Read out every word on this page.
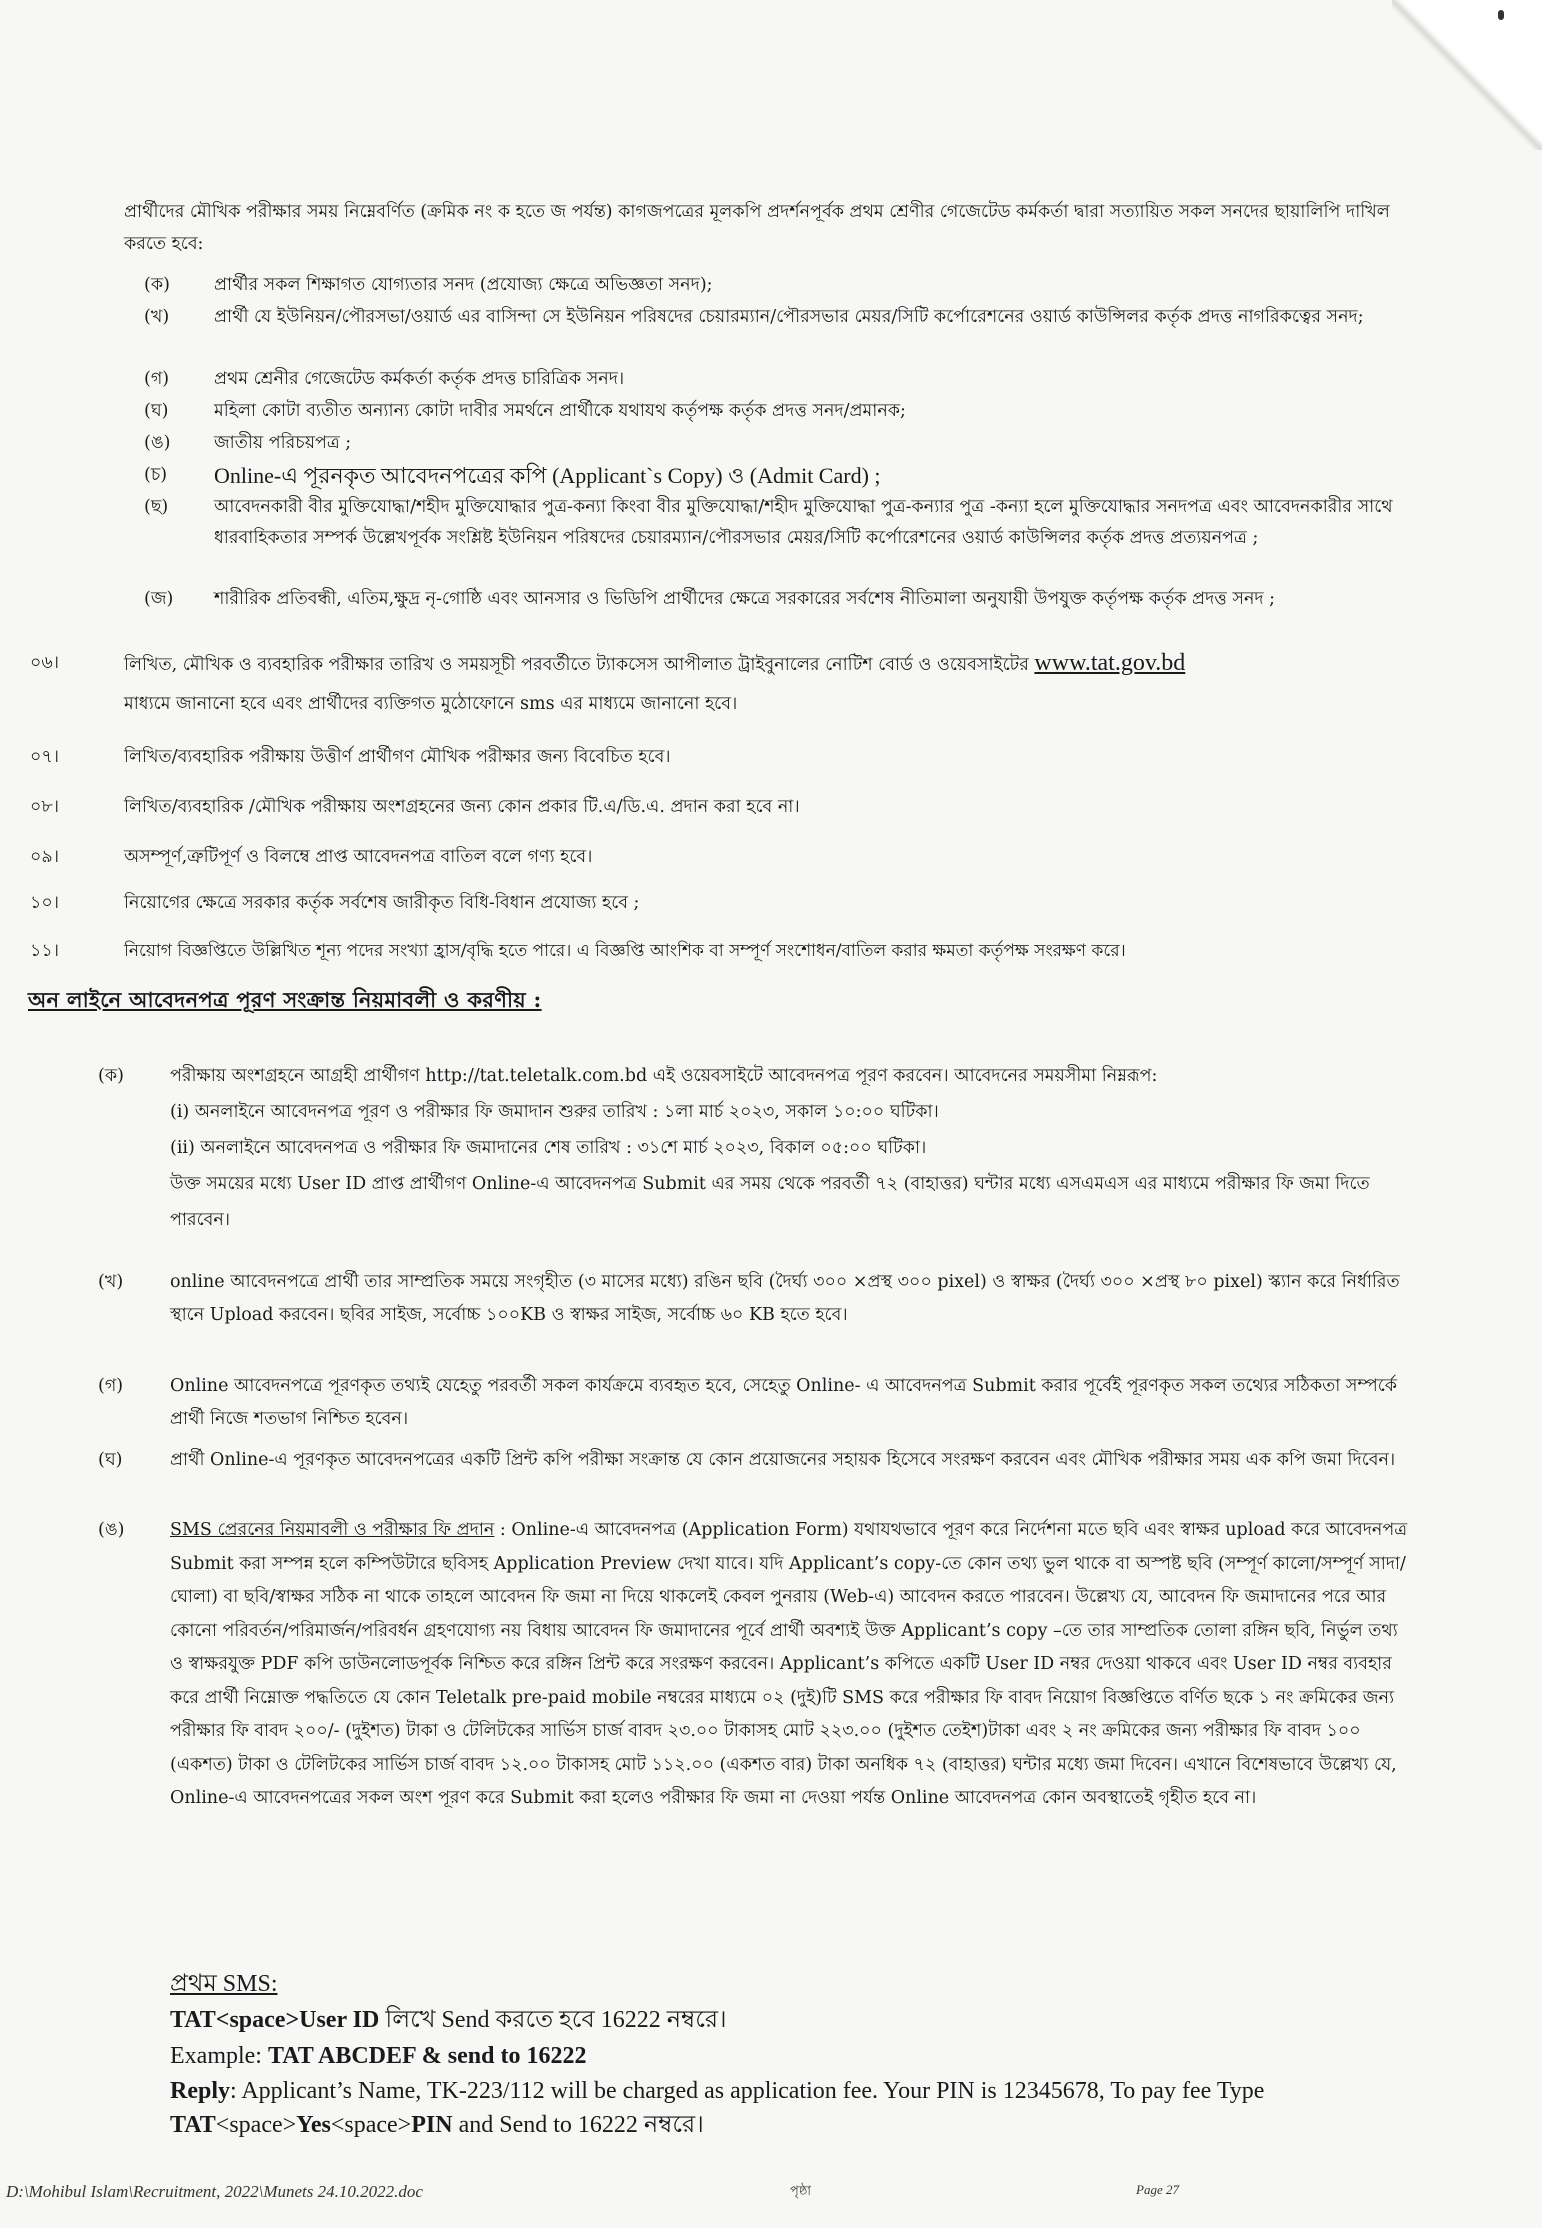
প্রার্থীদের মৌখিক পরীক্ষার সময় নিম্নেবর্ণিত (ক্রমিক নং ক হতে জ পর্যন্ত) কাগজপত্রের মূলকপি প্রদর্শনপূর্বক প্রথম শ্রেণীর গেজেটেড কর্মকর্তা দ্বারা সত্যায়িত সকল সনদের ছায়ালিপি দাখিল করতে হবে:
(ক)	প্রার্থীর সকল শিক্ষাগত যোগ্যতার সনদ (প্রযোজ্য ক্ষেত্রে অভিজ্ঞতা সনদ);
(খ)	প্রার্থী যে ইউনিয়ন/পৌরসভা/ওয়ার্ড এর বাসিন্দা সে ইউনিয়ন পরিষদের চেয়ারম্যান/পৌরসভার মেয়র/সিটি কর্পোরেশনের ওয়ার্ড কাউন্সিলর কর্তৃক প্রদত্ত নাগরিকত্বের সনদ;
(গ)	প্রথম শ্রেনীর গেজেটেড কর্মকর্তা কর্তৃক প্রদত্ত চারিত্রিক সনদ।
(ঘ)	মহিলা কোটা ব্যতীত অন্যান্য কোটা দাবীর সমর্থনে প্রার্থীকে যথাযথ কর্তৃপক্ষ কর্তৃক প্রদত্ত সনদ/প্রমানক;
(ঙ)	জাতীয় পরিচয়পত্র ;
(চ)	Online-এ পূরনকৃত আবেদনপত্রের কপি (Applicant`s Copy) ও (Admit Card) ;
(ছ)	আবেদনকারী বীর মুক্তিযোদ্ধা/শহীদ মুক্তিযোদ্ধার পুত্র-কন্যা কিংবা বীর মুক্তিযোদ্ধা/শহীদ মুক্তিযোদ্ধা পুত্র-কন্যার পুত্র -কন্যা হলে মুক্তিযোদ্ধার সনদপত্র এবং আবেদনকারীর সাথে ধারবাহিকতার সম্পর্ক উল্লেখপূর্বক সংশ্লিষ্ট ইউনিয়ন পরিষদের চেয়ারম্যান/পৌরসভার মেয়র/সিটি কর্পোরেশনের ওয়ার্ড কাউন্সিলর কর্তৃক প্রদত্ত প্রত্যয়নপত্র ;
(জ)	শারীরিক প্রতিবন্ধী, এতিম,ক্ষুদ্র নৃ-গোষ্ঠি এবং আনসার ও ভিডিপি প্রার্থীদের ক্ষেত্রে সরকারের সর্বশেষ নীতিমালা অনুযায়ী উপযুক্ত কর্তৃপক্ষ কর্তৃক প্রদত্ত সনদ ;
০৬।	লিখিত, মৌখিক ও ব্যবহারিক পরীক্ষার তারিখ ও সময়সূচী পরবর্তীতে ট্যাকসেস আপীলাত ট্রাইবুনালের নোটিশ বোর্ড ও ওয়েবসাইটের www.tat.gov.bd
মাধ্যমে জানানো হবে এবং প্রার্থীদের ব্যক্তিগত মুঠোফোনে sms এর মাধ্যমে জানানো হবে।
০৭।	লিখিত/ব্যবহারিক পরীক্ষায় উত্তীর্ণ প্রার্থীগণ মৌখিক পরীক্ষার জন্য বিবেচিত হবে।
০৮।	লিখিত/ব্যবহারিক /মৌখিক পরীক্ষায় অংশগ্রহনের জন্য কোন প্রকার টি.এ/ডি.এ. প্রদান করা হবে না।
০৯।	অসম্পূর্ণ,ত্রুটিপূর্ণ ও বিলম্বে প্রাপ্ত আবেদনপত্র বাতিল বলে গণ্য হবে।
১০।	নিয়োগের ক্ষেত্রে সরকার কর্তৃক সর্বশেষ জারীকৃত বিধি-বিধান প্রযোজ্য হবে ;
১১।	নিয়োগ বিজ্ঞপ্তিতে উল্লিখিত শূন্য পদের সংখ্যা হ্রাস/বৃদ্ধি হতে পারে। এ বিজ্ঞপ্তি আংশিক বা সম্পূর্ণ সংশোধন/বাতিল করার ক্ষমতা কর্তৃপক্ষ সংরক্ষণ করে।
অন লাইনে আবেদনপত্র পূরণ সংক্রান্ত নিয়মাবলী ও করণীয় :
(ক)	পরীক্ষায় অংশগ্রহনে আগ্রহী প্রার্থীগণ http://tat.teletalk.com.bd এই ওয়েবসাইটে আবেদনপত্র পূরণ করবেন। আবেদনের সময়সীমা নিম্নরূপ:
(i) অনলাইনে আবেদনপত্র পূরণ ও পরীক্ষার ফি জমাদান শুরুর তারিখ : ১লা মার্চ ২০২৩, সকাল ১০:০০ ঘটিকা।
(ii) অনলাইনে আবেদনপত্র ও পরীক্ষার ফি জমাদানের শেষ তারিখ : ৩১শে মার্চ ২০২৩, বিকাল ০৫:০০ ঘটিকা।
উক্ত সময়ের মধ্যে User ID প্রাপ্ত প্রার্থীগণ Online-এ আবেদনপত্র Submit এর সময় থেকে পরবর্তী ৭২ (বাহাত্তর) ঘন্টার মধ্যে এসএমএস এর মাধ্যমে পরীক্ষার ফি জমা দিতে পারবেন।
(খ)	online আবেদনপত্রে প্রার্থী তার সাম্প্রতিক সময়ে সংগৃহীত (৩ মাসের মধ্যে) রঙিন ছবি (দৈর্ঘ্য ৩০০ ×প্রস্থ ৩০০ pixel) ও স্বাক্ষর (দৈর্ঘ্য ৩০০ ×প্রস্থ ৮০ pixel) স্ক্যান করে নির্ধারিত স্থানে Upload করবেন। ছবির সাইজ, সর্বোচ্চ ১০০KB ও স্বাক্ষর সাইজ, সর্বোচ্চ ৬০ KB হতে হবে।
(গ)	Online আবেদনপত্রে পূরণকৃত তথ্যই যেহেতু পরবর্তী সকল কার্যক্রমে ব্যবহৃত হবে, সেহেতু Online- এ আবেদনপত্র Submit করার পূর্বেই পূরণকৃত সকল তথ্যের সঠিকতা সম্পর্কে প্রার্থী নিজে শতভাগ নিশ্চিত হবেন।
(ঘ)	প্রার্থী Online-এ পূরণকৃত আবেদনপত্রের একটি প্রিন্ট কপি পরীক্ষা সংক্রান্ত যে কোন প্রয়োজনের সহায়ক হিসেবে সংরক্ষণ করবেন এবং মৌখিক পরীক্ষার সময় এক কপি জমা দিবেন।
(ঙ)	SMS প্রেরনের নিয়মাবলী ও পরীক্ষার ফি প্রদান : Online-এ আবেদনপত্র (Application Form) যথাযথভাবে পূরণ করে নির্দেশনা মতে ছবি এবং স্বাক্ষর upload করে আবেদনপত্র Submit করা সম্পন্ন হলে কম্পিউটারে ছবিসহ Application Preview দেখা যাবে। যদি Applicant’s copy-তে কোন তথ্য ভুল থাকে বা অস্পষ্ট ছবি (সম্পূর্ণ কালো/সম্পূর্ণ সাদা/ঘোলা) বা ছবি/স্বাক্ষর সঠিক না থাকে তাহলে আবেদন ফি জমা না দিয়ে থাকলেই কেবল পুনরায় (Web-এ) আবেদন করতে পারবেন। উল্লেখ্য যে, আবেদন ফি জমাদানের পরে আর কোনো পরিবর্তন/পরিমার্জন/পরিবর্ধন গ্রহণযোগ্য নয় বিধায় আবেদন ফি জমাদানের পূর্বে প্রার্থী অবশ্যই উক্ত Applicant’s copy –তে তার সাম্প্রতিক তোলা রঙ্গিন ছবি, নির্ভুল তথ্য ও স্বাক্ষরযুক্ত PDF কপি ডাউনলোডপূর্বক নিশ্চিত করে রঙ্গিন প্রিন্ট করে সংরক্ষণ করবেন। Applicant’s কপিতে একটি User ID নম্বর দেওয়া থাকবে এবং User ID নম্বর ব্যবহার করে প্রার্থী নিম্নোক্ত পদ্ধতিতে যে কোন Teletalk pre-paid mobile নম্বরের মাধ্যমে ০২ (দুই)টি SMS করে পরীক্ষার ফি বাবদ নিয়োগ বিজ্ঞপ্তিতে বর্ণিত ছকে ১ নং ক্রমিকের জন্য পরীক্ষার ফি বাবদ ২০০/- (দুইশত) টাকা ও টেলিটকের সার্ভিস চার্জ বাবদ ২৩.০০ টাকাসহ মোট ২২৩.০০ (দুইশত তেইশ)টাকা এবং ২ নং ক্রমিকের জন্য পরীক্ষার ফি বাবদ ১০০ (একশত) টাকা ও টেলিটকের সার্ভিস চার্জ বাবদ ১২.০০ টাকাসহ মোট ১১২.০০ (একশত বার) টাকা অনধিক ৭২ (বাহাত্তর) ঘন্টার মধ্যে জমা দিবেন। এখানে বিশেষভাবে উল্লেখ্য যে, Online-এ আবেদনপত্রের সকল অংশ পূরণ করে Submit করা হলেও পরীক্ষার ফি জমা না দেওয়া পর্যন্ত Online আবেদনপত্র কোন অবস্থাতেই গৃহীত হবে না।
প্রথম SMS:
TAT<space>User ID লিখে Send করতে হবে 16222 নম্বরে।
Example: TAT ABCDEF & send to 16222
Reply: Applicant’s Name, TK-223/112 will be charged as application fee. Your PIN is 12345678, To pay fee Type TAT<space>Yes<space>PIN and Send to 16222 নম্বরে।
D:\Mohibul Islam\Recruitment, 2022\Munets 24.10.2022.doc	পৃষ্ঠা	Page 27
